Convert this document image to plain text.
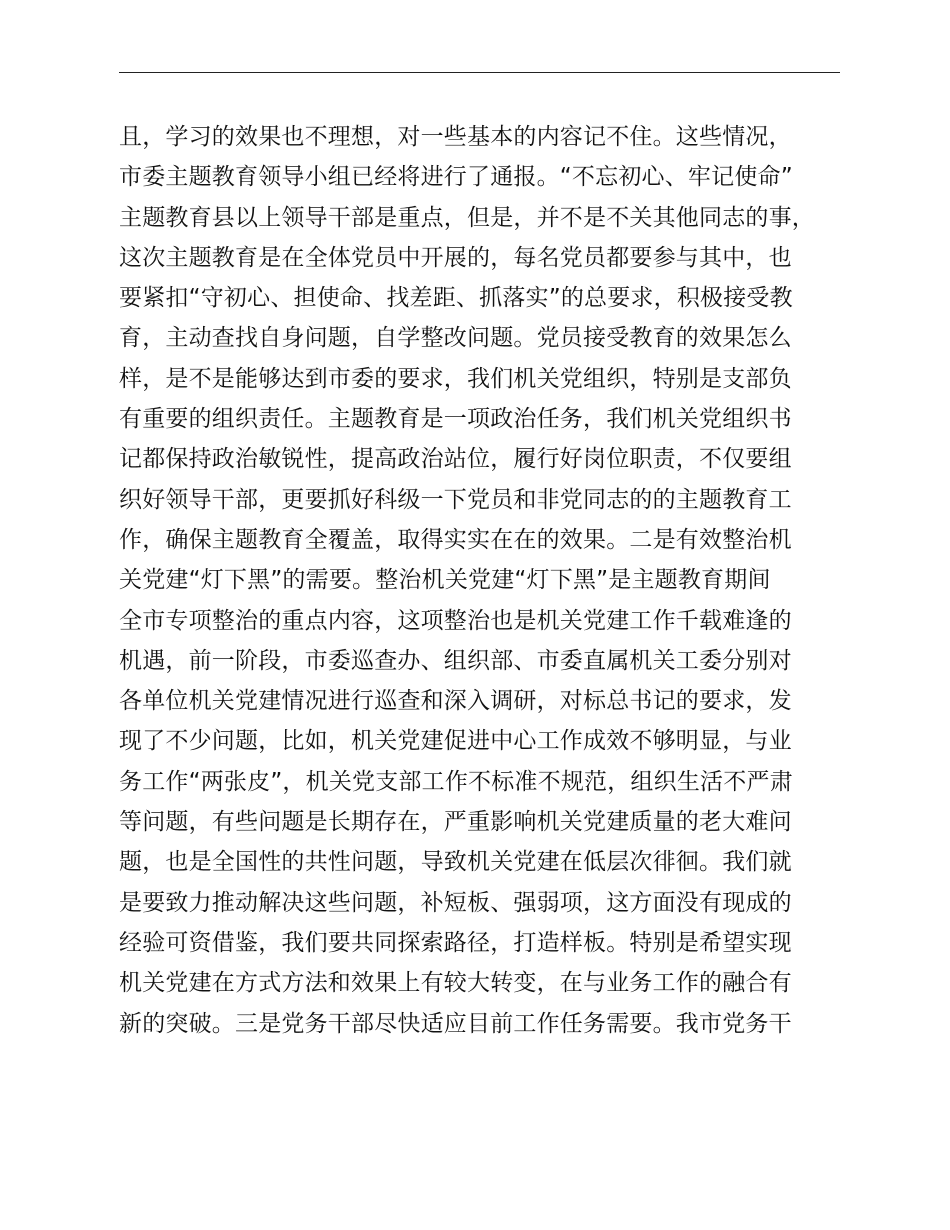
且，学习的效果也不理想，对一些基本的内容记不住。这些情况，
市委主题教育领导小组已经将进行了通报。“不忘初心、牢记使命”
主题教育县以上领导干部是重点，但是，并不是不关其他同志的事，
这次主题教育是在全体党员中开展的，每名党员都要参与其中，也
要紧扣“守初心、担使命、找差距、抓落实”的总要求，积极接受教
育，主动查找自身问题，自学整改问题。党员接受教育的效果怎么
样，是不是能够达到市委的要求，我们机关党组织，特别是支部负
有重要的组织责任。主题教育是一项政治任务，我们机关党组织书
记都保持政治敏锐性，提高政治站位，履行好岗位职责，不仅要组
织好领导干部，更要抓好科级一下党员和非党同志的的主题教育工
作，确保主题教育全覆盖，取得实实在在的效果。二是有效整治机
关党建“灯下黑”的需要。整治机关党建“灯下黑”是主题教育期间
全市专项整治的重点内容，这项整治也是机关党建工作千载难逢的
机遇，前一阶段，市委巡查办、组织部、市委直属机关工委分别对
各单位机关党建情况进行巡查和深入调研，对标总书记的要求，发
现了不少问题，比如，机关党建促进中心工作成效不够明显，与业
务工作“两张皮”，机关党支部工作不标准不规范，组织生活不严肃
等问题，有些问题是长期存在，严重影响机关党建质量的老大难问
题，也是全国性的共性问题，导致机关党建在低层次徘徊。我们就
是要致力推动解决这些问题，补短板、强弱项，这方面没有现成的
经验可资借鉴，我们要共同探索路径，打造样板。特别是希望实现
机关党建在方式方法和效果上有较大转变，在与业务工作的融合有
新的突破。三是党务干部尽快适应目前工作任务需要。我市党务干
